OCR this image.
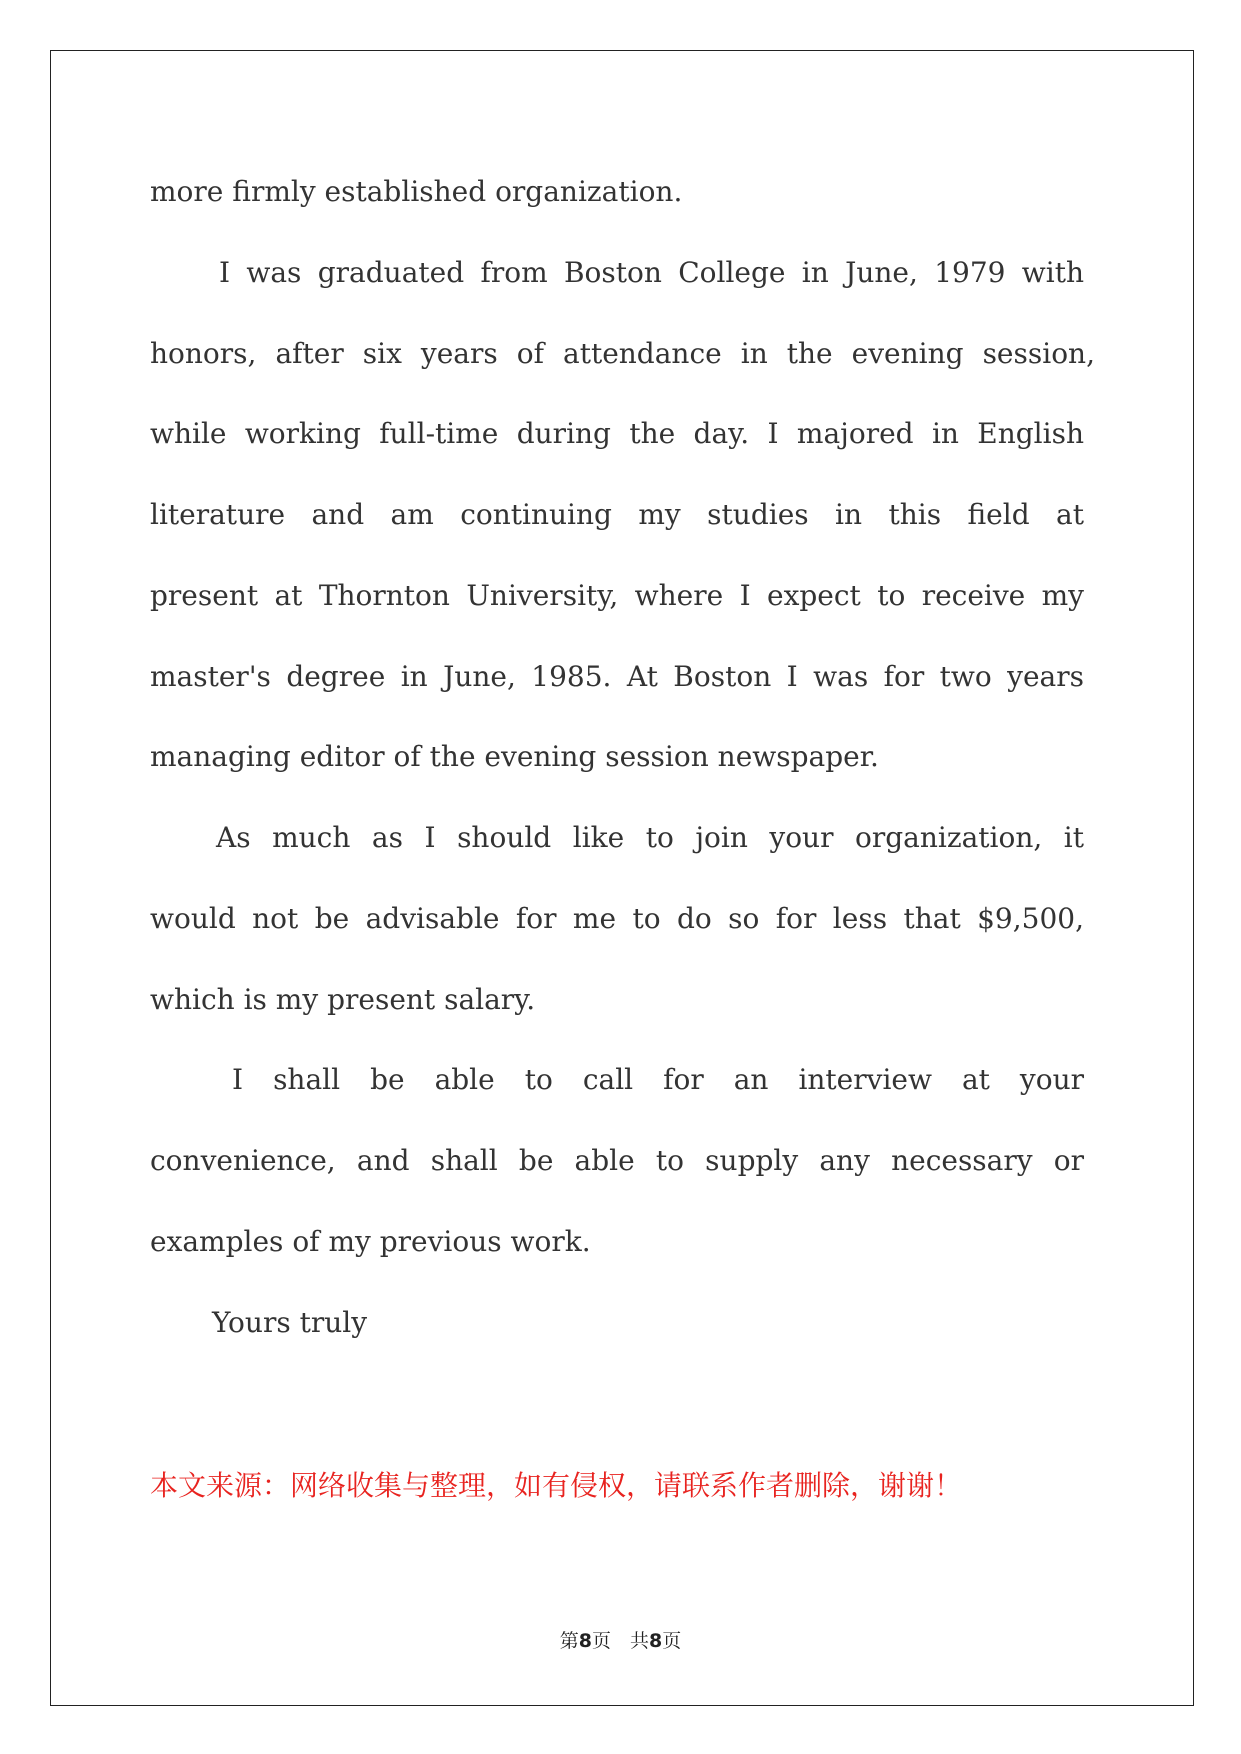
more firmly established organization.
I was graduated from Boston College in June, 1979 with
honors, after six years of attendance in the evening session,
while working full-time during the day. I majored in English
literature and am continuing my studies in this field at
present at Thornton University, where I expect to receive my
master's degree in June, 1985. At Boston I was for two years
managing editor of the evening session newspaper.
As much as I should like to join your organization, it
would not be advisable for me to do so for less that $9,500,
which is my present salary.
I shall be able to call for an interview at your
convenience, and shall be able to supply any necessary or
examples of my previous work.
Yours truly
本文来源：网络收集与整理，如有侵权，请联系作者删除，谢谢！
第8页　共8页
